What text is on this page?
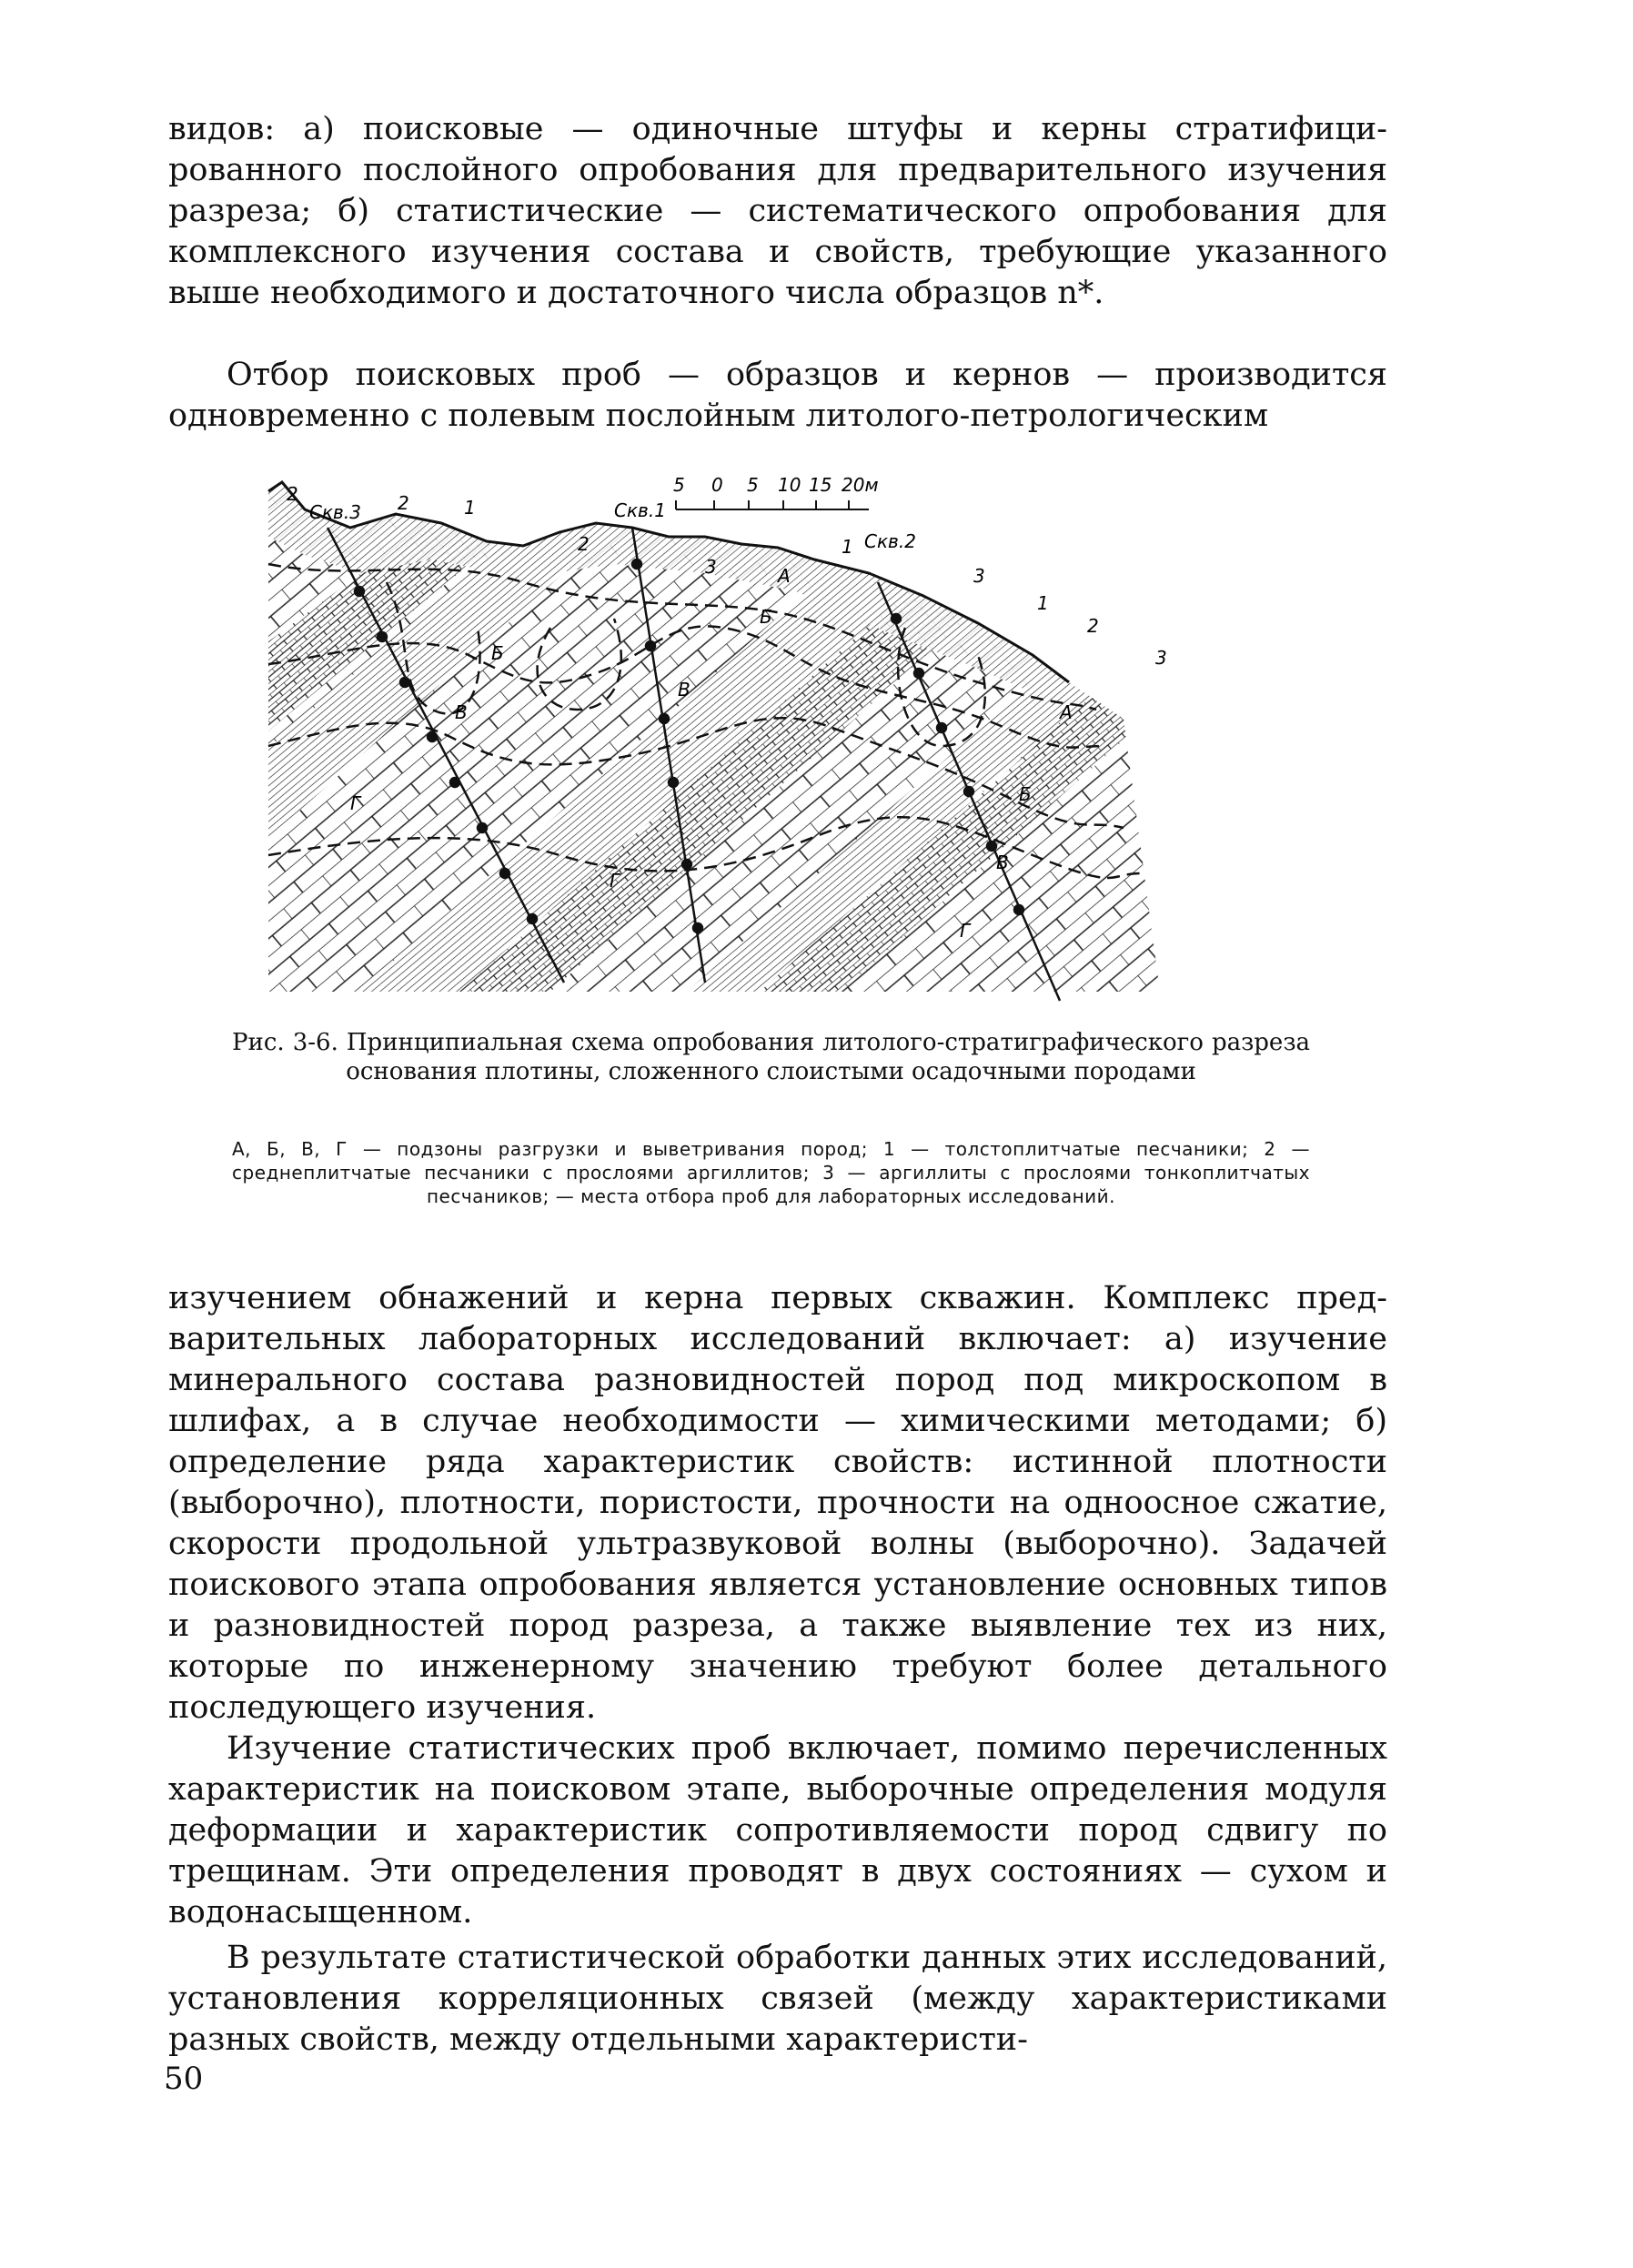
видов: а) поисковые — одиночные штуфы и керны стратифицированного послойного опробования для предварительного изучения разреза; б) статистические — систематического опробования для комплексного изучения состава и свойств, требующие указанного выше необходимого и достаточного числа образцов n*.

Отбор поисковых проб — образцов и кернов — производится одновременно с полевым послойным литолого-петрологическим

5 0 5 10 15 20м
Скв.3	Скв.1
Скв.2
2	2	1
2
3
1
3
1
2
3
Б
В
Г
А
В
Г
Б
А
Б
В
Г

Рис. 3-6. Принципиальная схема опробования литолого-стратиграфического разреза основания плотины, сложенного слоистыми осадочными породами

А, Б, В, Г — подзоны разгрузки и выветривания пород; 1 — толстоплитчатые песчаники; 2 — среднеплитчатые песчаники с прослоями аргиллитов; 3 — аргиллиты с прослоями тонкоплитчатых песчаников; — места отбора проб для лабораторных исследований.

изучением обнажений и керна первых скважин. Комплекс предварительных лабораторных исследований включает: а) изучение минерального состава разновидностей пород под микроскопом в шлифах, а в случае необходимости — химическими методами; б) определение ряда характеристик свойств: истинной плотности (выборочно), плотности, пористости, прочности на одноосное сжатие, скорости продольной ультразвуковой волны (выборочно). Задачей поискового этапа опробования является установление основных типов и разновидностей пород разреза, а также выявление тех из них, которые по инженерному значению требуют более детального последующего изучения.

Изучение статистических проб включает, помимо перечисленных характеристик на поисковом этапе, выборочные определения модуля деформации и характеристик сопротивляемости пород сдвигу по трещинам. Эти определения проводят в двух состояниях — сухом и водонасыщенном.

В результате статистической обработки данных этих исследований, установления корреляционных связей (между характеристиками разных свойств, между отдельными характеристи-

50
